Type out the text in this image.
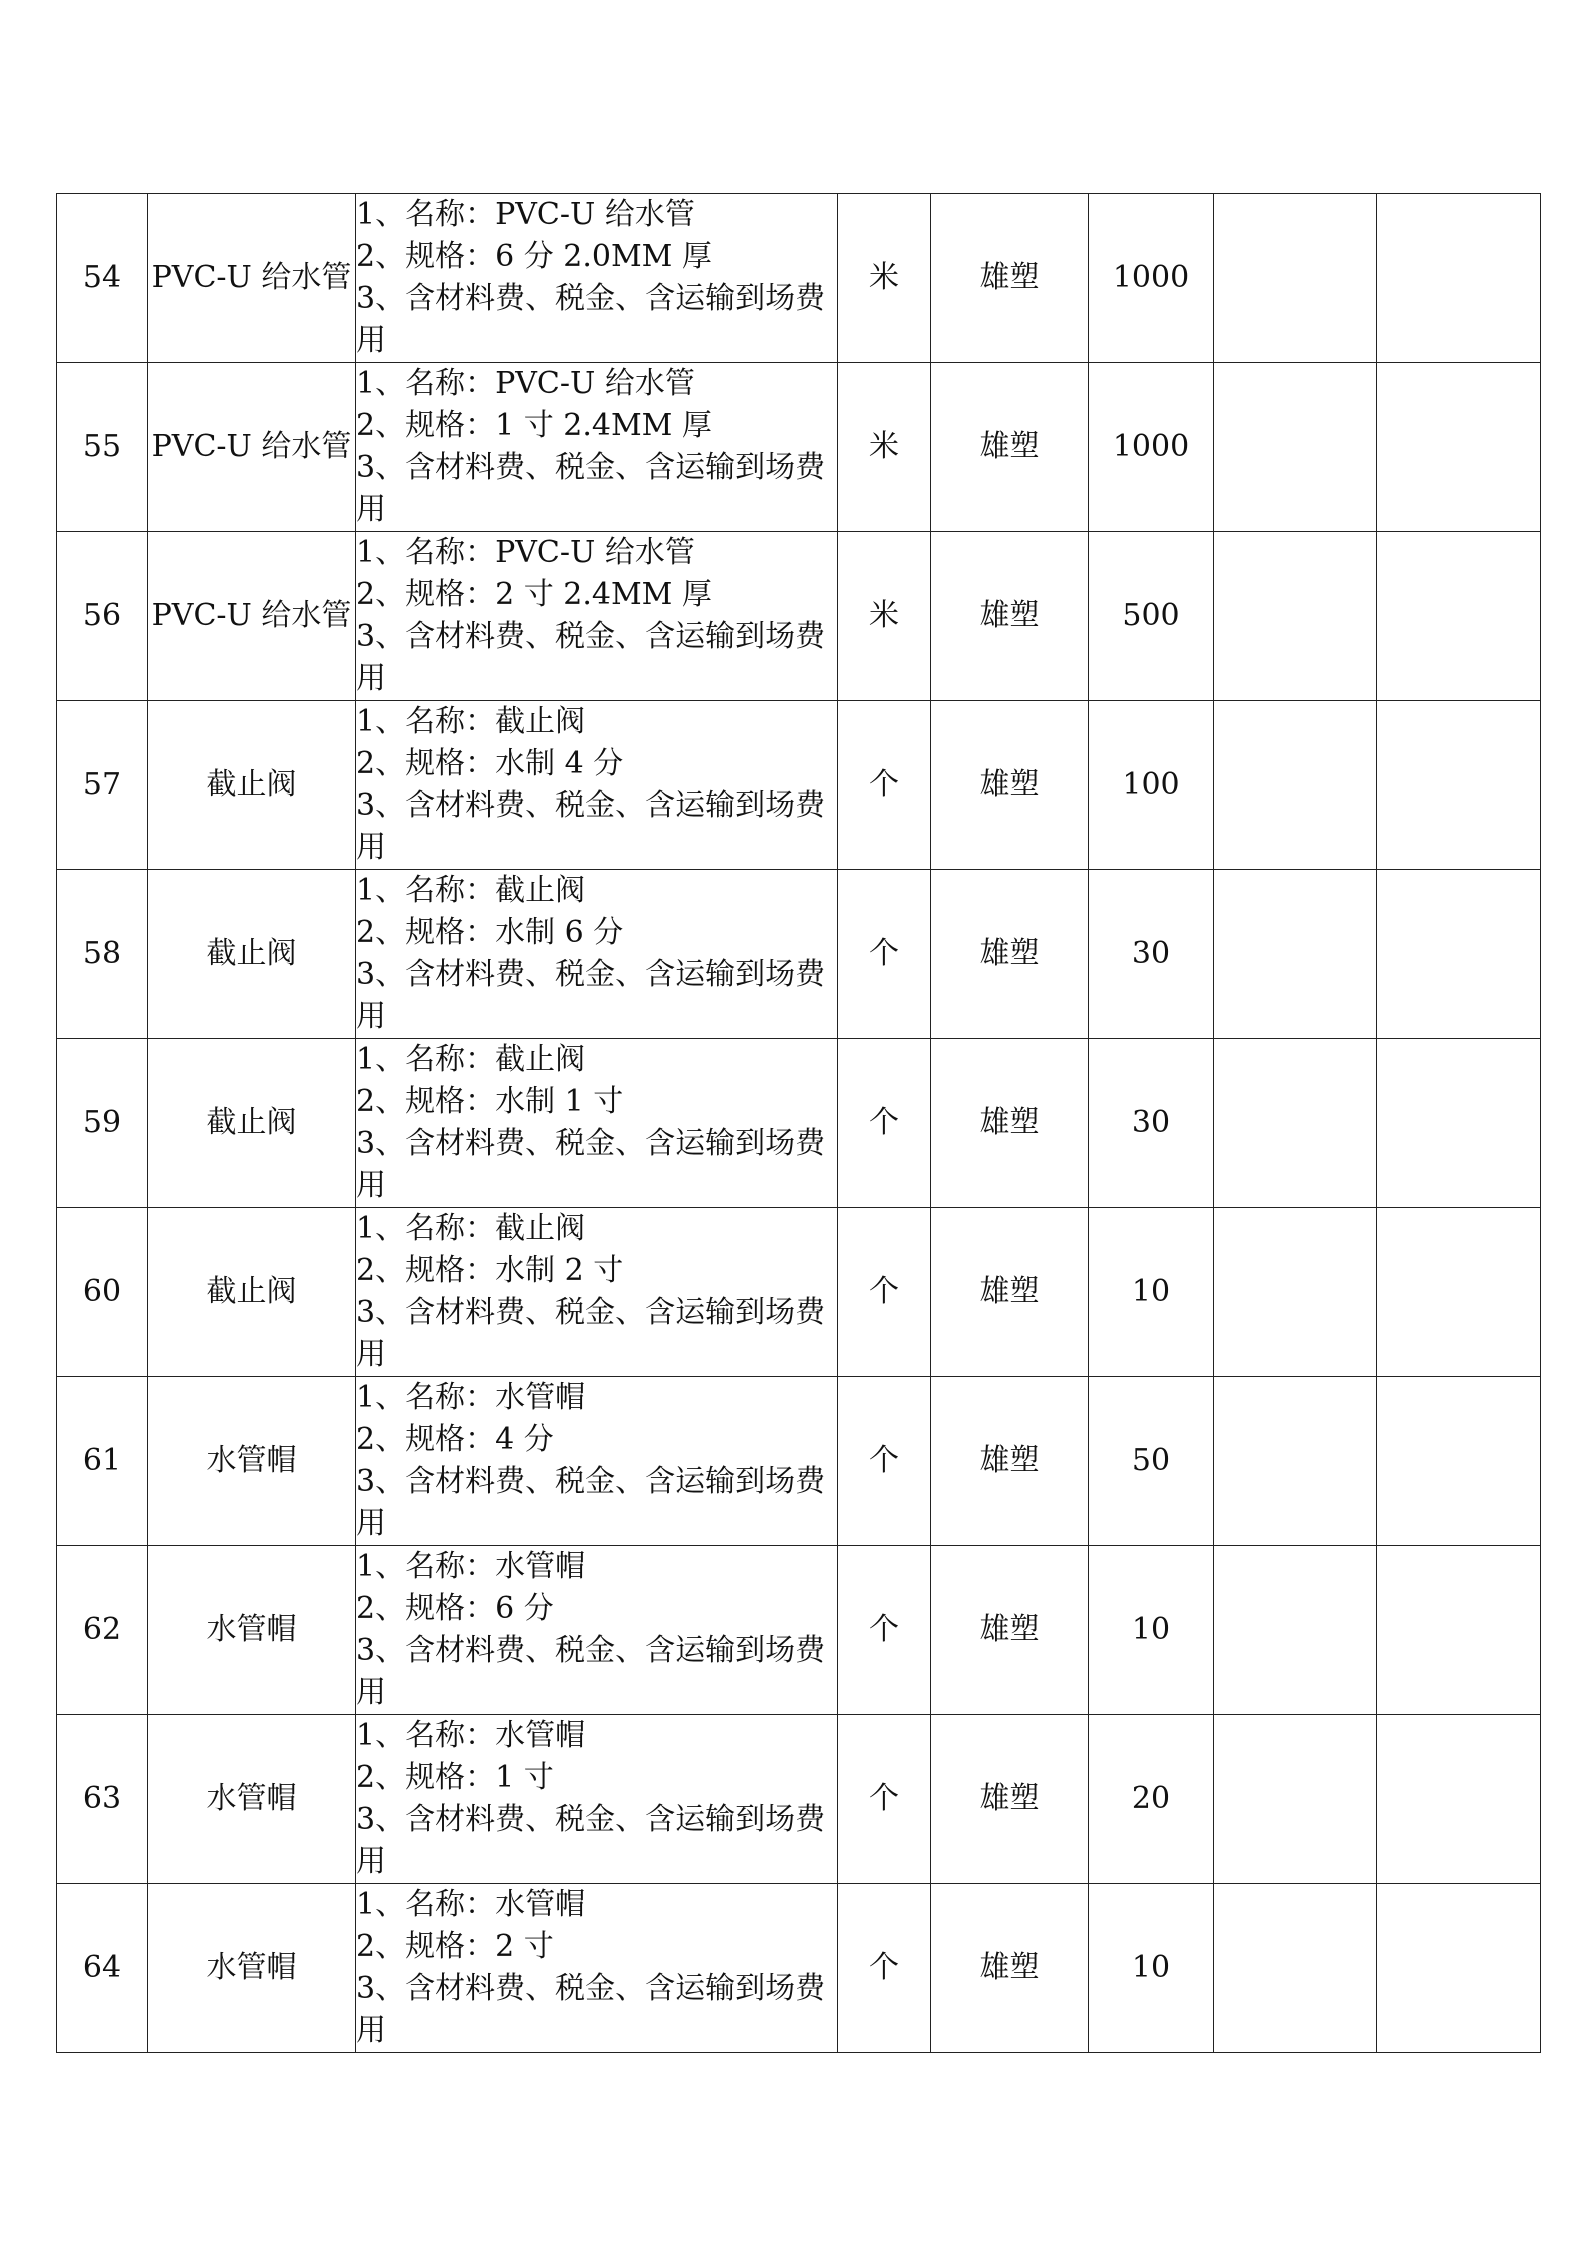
54	PVC-U 给水管	1、名称：PVC-U 给水管
2、规格：6 分 2.0MM 厚
3、含材料费、税金、含运输到场费用	米	雄塑	1000		
55	PVC-U 给水管	1、名称：PVC-U 给水管
2、规格：1 寸 2.4MM 厚
3、含材料费、税金、含运输到场费用	米	雄塑	1000		
56	PVC-U 给水管	1、名称：PVC-U 给水管
2、规格：2 寸 2.4MM 厚
3、含材料费、税金、含运输到场费用	米	雄塑	500		
57	截止阀	1、名称：截止阀
2、规格：水制 4 分
3、含材料费、税金、含运输到场费用	个	雄塑	100		
58	截止阀	1、名称：截止阀
2、规格：水制 6 分
3、含材料费、税金、含运输到场费用	个	雄塑	30		
59	截止阀	1、名称：截止阀
2、规格：水制 1 寸
3、含材料费、税金、含运输到场费用	个	雄塑	30		
60	截止阀	1、名称：截止阀
2、规格：水制 2 寸
3、含材料费、税金、含运输到场费用	个	雄塑	10		
61	水管帽	1、名称：水管帽
2、规格：4 分
3、含材料费、税金、含运输到场费用	个	雄塑	50		
62	水管帽	1、名称：水管帽
2、规格：6 分
3、含材料费、税金、含运输到场费用	个	雄塑	10		
63	水管帽	1、名称：水管帽
2、规格：1 寸
3、含材料费、税金、含运输到场费用	个	雄塑	20		
64	水管帽	1、名称：水管帽
2、规格：2 寸
3、含材料费、税金、含运输到场费用	个	雄塑	10		
